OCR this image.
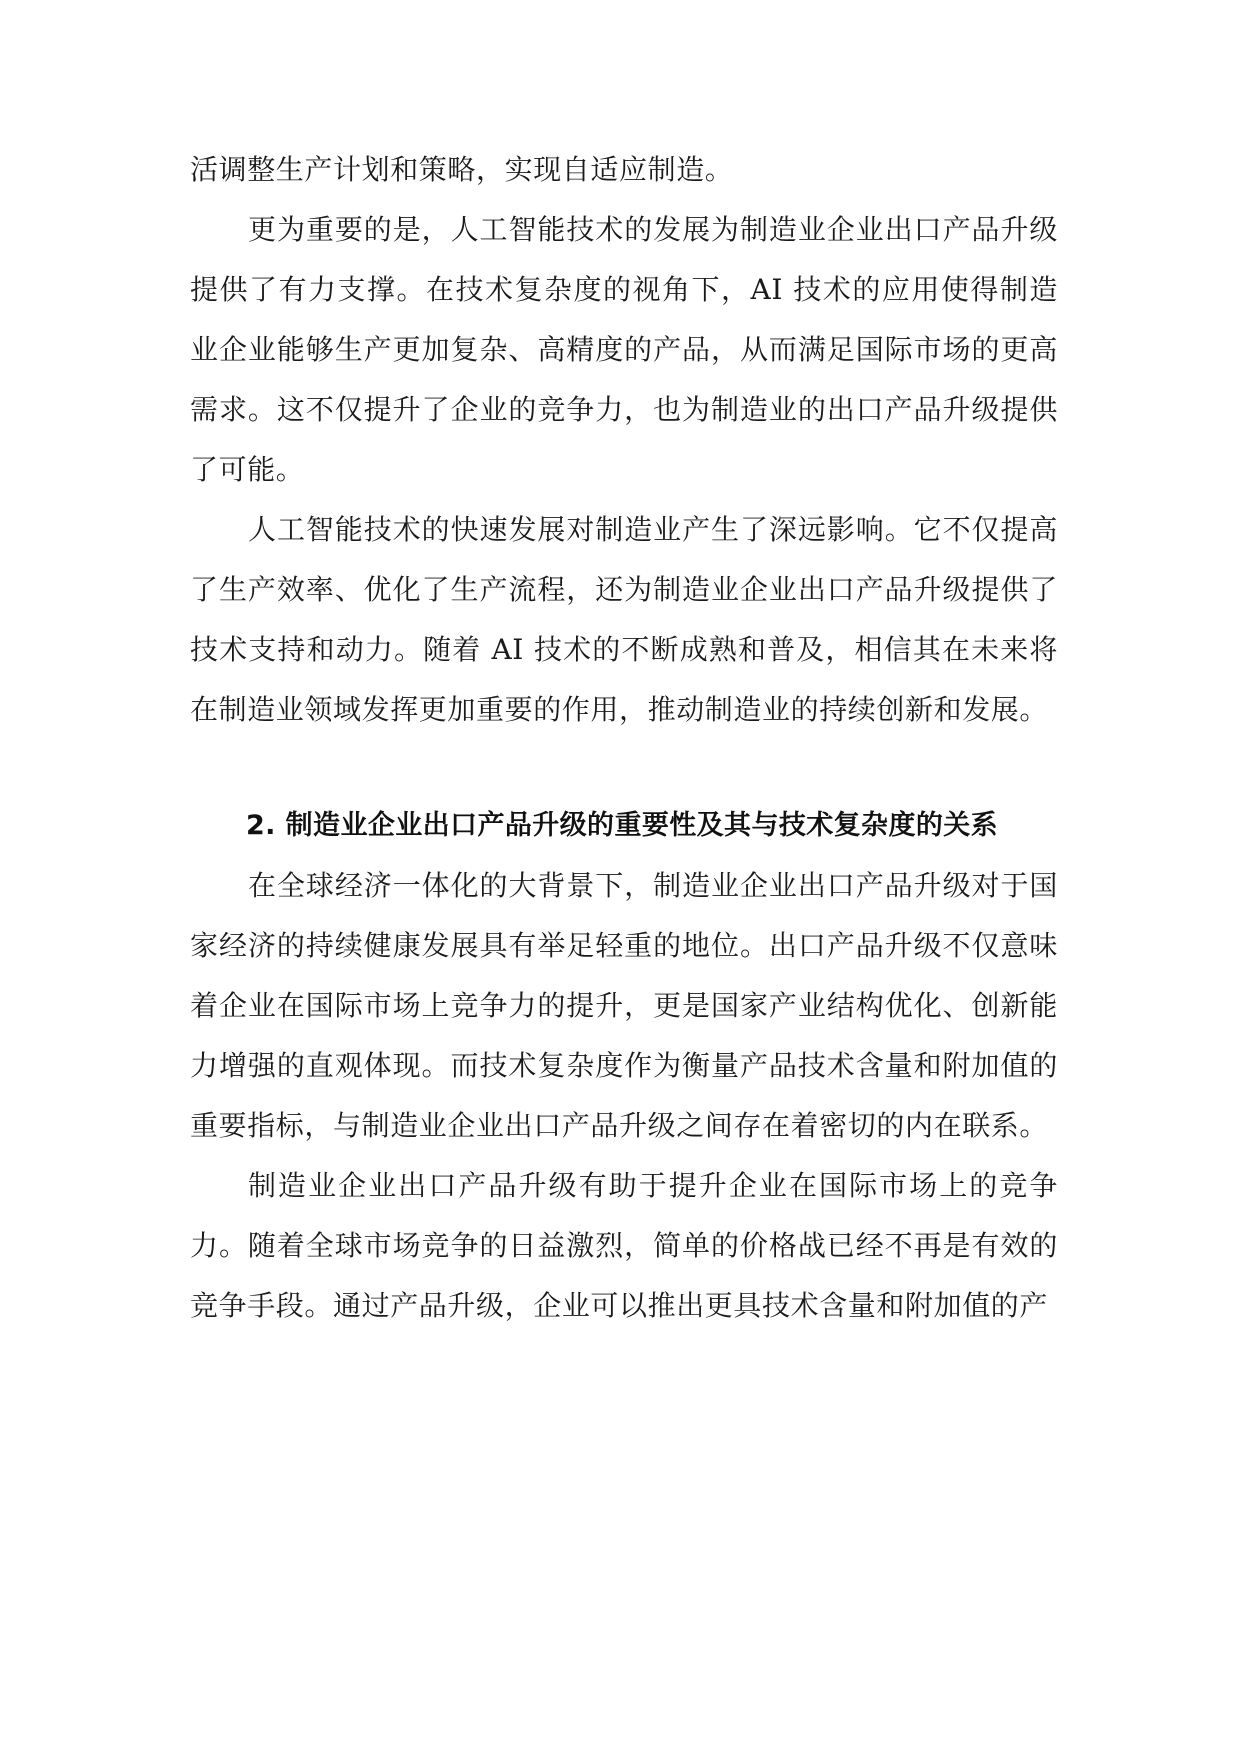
活调整生产计划和策略，实现自适应制造。

更为重要的是，人工智能技术的发展为制造业企业出口产品升级提供了有力支撑。在技术复杂度的视角下，AI 技术的应用使得制造业企业能够生产更加复杂、高精度的产品，从而满足国际市场的更高需求。这不仅提升了企业的竞争力，也为制造业的出口产品升级提供了可能。

人工智能技术的快速发展对制造业产生了深远影响。它不仅提高了生产效率、优化了生产流程，还为制造业企业出口产品升级提供了技术支持和动力。随着 AI 技术的不断成熟和普及，相信其在未来将在制造业领域发挥更加重要的作用，推动制造业的持续创新和发展。

2. 制造业企业出口产品升级的重要性及其与技术复杂度的关系

在全球经济一体化的大背景下，制造业企业出口产品升级对于国家经济的持续健康发展具有举足轻重的地位。出口产品升级不仅意味着企业在国际市场上竞争力的提升，更是国家产业结构优化、创新能力增强的直观体现。而技术复杂度作为衡量产品技术含量和附加值的重要指标，与制造业企业出口产品升级之间存在着密切的内在联系。

制造业企业出口产品升级有助于提升企业在国际市场上的竞争力。随着全球市场竞争的日益激烈，简单的价格战已经不再是有效的竞争手段。通过产品升级，企业可以推出更具技术含量和附加值的产
